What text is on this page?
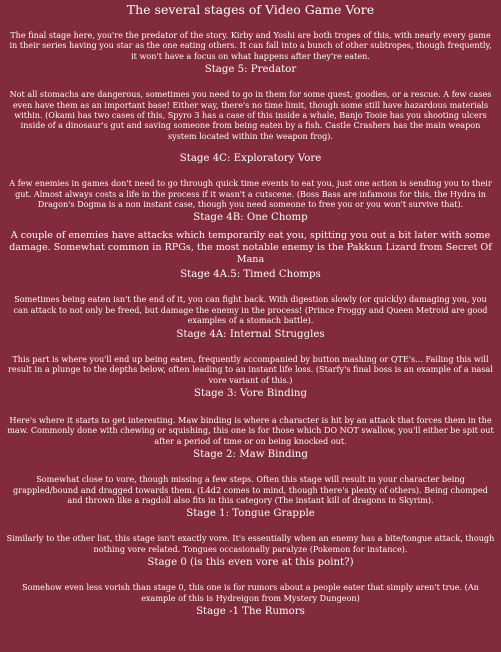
The several stages of Video Game Vore

The final stage here, you're the predator of the story. Kirby and Yoshi are both tropes of this, with nearly every game in their series having you star as the one eating others. It can fall into a bunch of other subtropes, though frequently, it won't have a focus on what happens after they're eaten.

Stage 5: Predator

Not all stomachs are dangerous, sometimes you need to go in them for some quest, goodies, or a rescue. A few cases even have them as an important base! Either way, there's no time limit, though some still have hazardous materials within. (Okami has two cases of this, Spyro 3 has a case of this inside a whale, Banjo Tooie has you shooting ulcers inside of a dinosaur's gut and saving someone from being eaten by a fish. Castle Crashers has the main weapon system located within the weapon frog).

Stage 4C: Exploratory Vore

A few enemies in games don't need to go through quick time events to eat you, just one action is sending you to their gut. Almost always costs a life in the process if it wasn't a cutscene. (Boss Bass are infamous for this, the Hydra in Dragon's Dogma is a non instant case, though you need someone to free you or you won't survive that).

Stage 4B: One Chomp

A couple of enemies have attacks which temporarily eat you, spitting you out a bit later with some damage. Somewhat common in RPGs, the most notable enemy is the Pakkun Lizard from Secret Of Mana

Stage 4A.5: Timed Chomps

Sometimes being eaten isn't the end of it, you can fight back. With digestion slowly (or quickly) damaging you, you can attack to not only be freed, but damage the enemy in the process! (Prince Froggy and Queen Metroid are good examples of a stomach battle).

Stage 4A: Internal Struggles

This part is where you'll end up being eaten, frequently accompanied by button mashing or QTE's... Failing this will result in a plunge to the depths below, often leading to an instant life loss. (Starfy's final boss is an example of a nasal vore variant of this.)

Stage 3: Vore Binding

Here's where it starts to get interesting. Maw binding is where a character is hit by an attack that forces them in the maw. Commonly done with chewing or squishing, this one is for those which DO NOT swallow, you'll either be spit out after a period of time or on being knocked out.

Stage 2: Maw Binding

Somewhat close to vore, though missing a few steps. Often this stage will result in your character being grappled/bound and dragged towards them. (L4d2 comes to mind, though there's plenty of others). Being chomped and thrown like a ragdoll also fits in this category (The instant kill of dragons in Skyrim).

Stage 1: Tongue Grapple

Similarly to the other list, this stage isn't exactly vore. It's essentially when an enemy has a bite/tongue attack, though nothing vore related. Tongues occasionally paralyze (Pokemon for instance).

Stage 0 (is this even vore at this point?)

Somehow even less vorish than stage 0, this one is for rumors about a people eater that simply aren't true. (An example of this is Hydreigon from Mystery Dungeon)

Stage -1 The Rumors
